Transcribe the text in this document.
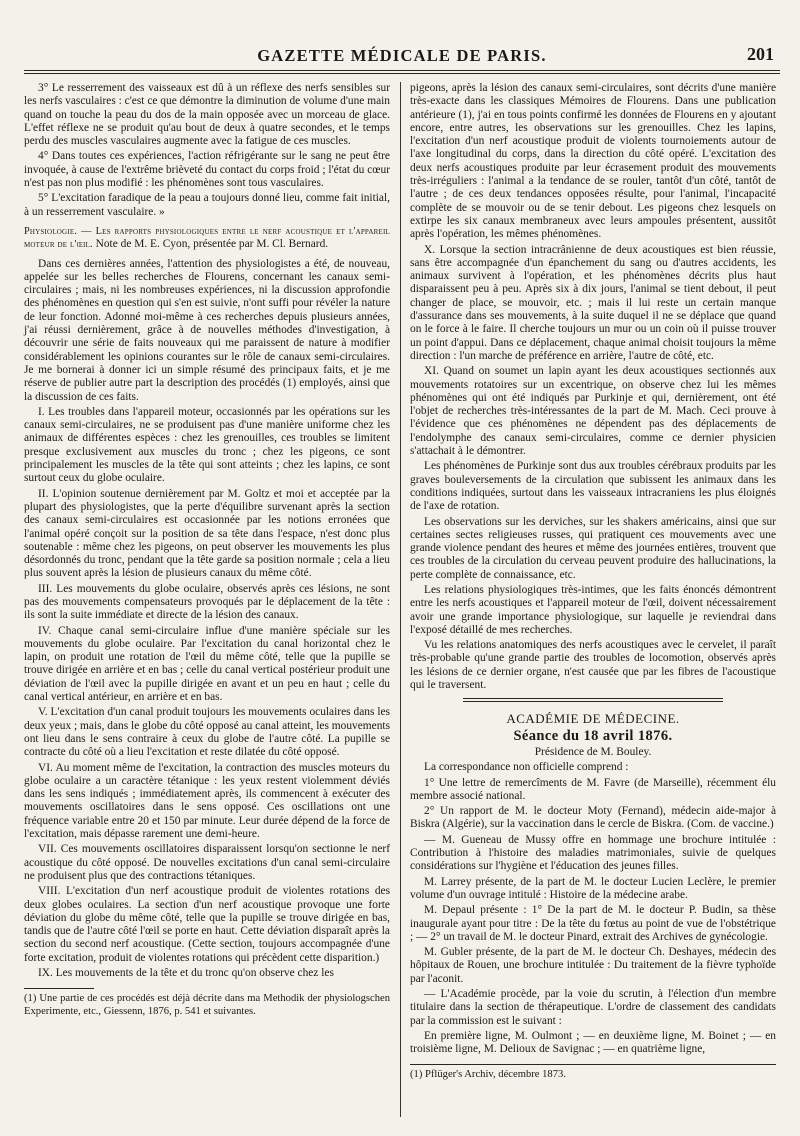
GAZETTE MÉDICALE DE PARIS.	201

3° Le resserrement des vaisseaux est dû à un réflexe des nerfs sensibles sur les nerfs vasculaires : c'est ce que démontre la diminution de volume d'une main quand on touche la peau du dos de la main opposée avec un morceau de glace. L'effet réflexe ne se produit qu'au bout de deux à quatre secondes, et le temps perdu des muscles vasculaires augmente avec la fatigue de ces muscles.

4° Dans toutes ces expériences, l'action réfrigérante sur le sang ne peut être invoquée, à cause de l'extrême brièveté du contact du corps froid ; l'état du cœur n'est pas non plus modifié : les phénomènes sont tous vasculaires.

5° L'excitation faradique de la peau a toujours donné lieu, comme fait initial, à un resserrement vasculaire. »

Physiologie. — Les rapports physiologiques entre le nerf acoustique et l'appareil moteur de l'œil. Note de M. E. Cyon, présentée par M. Cl. Bernard.

Dans ces dernières années, l'attention des physiologistes a été, de nouveau, appelée sur les belles recherches de Flourens, concernant les canaux semi-circulaires ; mais, ni les nombreuses expériences, ni la discussion approfondie des phénomènes en question qui s'en est suivie, n'ont suffi pour révéler la nature de leur fonction. Adonné moi-même à ces recherches depuis plusieurs années, j'ai réussi dernièrement, grâce à de nouvelles méthodes d'investigation, à découvrir une série de faits nouveaux qui me paraissent de nature à modifier considérablement les opinions courantes sur le rôle de canaux semi-circulaires. Je me bornerai à donner ici un simple résumé des principaux faits, et je me réserve de publier autre part la description des procédés (1) employés, ainsi que la discussion de ces faits.

I. Les troubles dans l'appareil moteur, occasionnés par les opérations sur les canaux semi-circulaires, ne se produisent pas d'une manière uniforme chez les animaux de différentes espèces : chez les grenouilles, ces troubles se limitent presque exclusivement aux muscles du tronc ; chez les pigeons, ce sont principalement les muscles de la tête qui sont atteints ; chez les lapins, ce sont surtout ceux du globe oculaire.

II. L'opinion soutenue dernièrement par M. Goltz et moi et acceptée par la plupart des physiologistes, que la perte d'équilibre survenant après la section des canaux semi-circulaires est occasionnée par les notions erronées que l'animal opéré conçoit sur la position de sa tête dans l'espace, n'est donc plus soutenable : même chez les pigeons, on peut observer les mouvements les plus désordonnés du tronc, pendant que la tête garde sa position normale ; cela a lieu plus souvent après la lésion de plusieurs canaux du même côté.

III. Les mouvements du globe oculaire, observés après ces lésions, ne sont pas des mouvements compensateurs provoqués par le déplacement de la tête : ils sont la suite immédiate et directe de la lésion des canaux.

IV. Chaque canal semi-circulaire influe d'une manière spéciale sur les mouvements du globe oculaire. Par l'excitation du canal horizontal chez le lapin, on produit une rotation de l'œil du même côté, telle que la pupille se trouve dirigée en arrière et en bas ; celle du canal vertical postérieur produit une déviation de l'œil avec la pupille dirigée en avant et un peu en haut ; celle du canal vertical antérieur, en arrière et en bas.

V. L'excitation d'un canal produit toujours les mouvements oculaires dans les deux yeux ; mais, dans le globe du côté opposé au canal atteint, les mouvements ont lieu dans le sens contraire à ceux du globe de l'autre côté. La pupille se contracte du côté où a lieu l'excitation et reste dilatée du côté opposé.

VI. Au moment même de l'excitation, la contraction des muscles moteurs du globe oculaire a un caractère tétanique : les yeux restent violemment déviés dans les sens indiqués ; immédiatement après, ils commencent à exécuter des mouvements oscillatoires dans le sens opposé. Ces oscillations ont une fréquence variable entre 20 et 150 par minute. Leur durée dépend de la force de l'excitation, mais dépasse rarement une demi-heure.

VII. Ces mouvements oscillatoires disparaissent lorsqu'on sectionne le nerf acoustique du côté opposé. De nouvelles excitations d'un canal semi-circulaire ne produisent plus que des contractions tétaniques.

VIII. L'excitation d'un nerf acoustique produit de violentes rotations des deux globes oculaires. La section d'un nerf acoustique provoque une forte déviation du globe du même côté, telle que la pupille se trouve dirigée en bas, tandis que de l'autre côté l'œil se porte en haut. Cette déviation disparaît après la section du second nerf acoustique. (Cette section, toujours accompagnée d'une forte excitation, produit de violentes rotations qui précèdent cette disparition.)

IX. Les mouvements de la tête et du tronc qu'on observe chez les

(1) Une partie de ces procédés est déjà décrite dans ma Methodik der physiologschen Experimente, etc., Giessenn, 1876, p. 541 et suivantes.

pigeons, après la lésion des canaux semi-circulaires, sont décrits d'une manière très-exacte dans les classiques Mémoires de Flourens. Dans une publication antérieure (1), j'ai en tous points confirmé les données de Flourens en y ajoutant encore, entre autres, les observations sur les grenouilles. Chez les lapins, l'excitation d'un nerf acoustique produit de violents tournoiements autour de l'axe longitudinal du corps, dans la direction du côté opéré. L'excitation des deux nerfs acoustiques produite par leur écrasement produit des mouvements très-irréguliers : l'animal a la tendance de se rouler, tantôt d'un côté, tantôt de l'autre ; de ces deux tendances opposées résulte, pour l'animal, l'incapacité complète de se mouvoir ou de se tenir debout. Les pigeons chez lesquels on extirpe les six canaux membraneux avec leurs ampoules présentent, aussitôt après l'opération, les mêmes phénomènes.

X. Lorsque la section intracrânienne de deux acoustiques est bien réussie, sans être accompagnée d'un épanchement du sang ou d'autres accidents, les animaux survivent à l'opération, et les phénomènes décrits plus haut disparaissent peu à peu. Après six à dix jours, l'animal se tient debout, il peut changer de place, se mouvoir, etc. ; mais il lui reste un certain manque d'assurance dans ses mouvements, à la suite duquel il ne se déplace que quand on le force à le faire. Il cherche toujours un mur ou un coin où il puisse trouver un point d'appui. Dans ce déplacement, chaque animal choisit toujours la même direction : l'un marche de préférence en arrière, l'autre de côté, etc.

XI. Quand on soumet un lapin ayant les deux acoustiques sectionnés aux mouvements rotatoires sur un excentrique, on observe chez lui les mêmes phénomènes qui ont été indiqués par Purkinje et qui, dernièrement, ont été l'objet de recherches très-intéressantes de la part de M. Mach. Ceci prouve à l'évidence que ces phénomènes ne dépendent pas des déplacements de l'endolymphe des canaux semi-circulaires, comme ce dernier physicien s'attachait à le démontrer.

Les phénomènes de Purkinje sont dus aux troubles cérébraux produits par les graves bouleversements de la circulation que subissent les animaux dans les conditions indiquées, surtout dans les vaisseaux intracraniens les plus éloignés de l'axe de rotation.

Les observations sur les derviches, sur les shakers américains, ainsi que sur certaines sectes religieuses russes, qui pratiquent ces mouvements avec une grande violence pendant des heures et même des journées entières, trouvent que ces troubles de la circulation du cerveau peuvent produire des hallucinations, la perte complète de connaissance, etc.

Les relations physiologiques très-intimes, que les faits énoncés démontrent entre les nerfs acoustiques et l'appareil moteur de l'œil, doivent nécessairement avoir une grande importance physiologique, sur laquelle je reviendrai dans l'exposé détaillé de mes recherches.

Vu les relations anatomiques des nerfs acoustiques avec le cervelet, il paraît très-probable qu'une grande partie des troubles de locomotion, observés après les lésions de ce dernier organe, n'est causée que par les fibres de l'acoustique qui le traversent.

ACADÉMIE DE MÉDECINE.
Séance du 18 avril 1876.

Présidence de M. Bouley.

La correspondance non officielle comprend :

1° Une lettre de remercîments de M. Favre (de Marseille), récemment élu membre associé national.

2° Un rapport de M. le docteur Moty (Fernand), médecin aide-major à Biskra (Algérie), sur la vaccination dans le cercle de Biskra. (Com. de vaccine.)

— M. Gueneau de Mussy offre en hommage une brochure intitulée : Contribution à l'histoire des maladies matrimoniales, suivie de quelques considérations sur l'hygiène et l'éducation des jeunes filles.

M. Larrey présente, de la part de M. le docteur Lucien Leclère, le premier volume d'un ouvrage intitulé : Histoire de la médecine arabe.

M. Depaul présente : 1° De la part de M. le docteur P. Budin, sa thèse inaugurale ayant pour titre : De la tête du fœtus au point de vue de l'obstétrique ; — 2° un travail de M. le docteur Pinard, extrait des Archives de gynécologie.

M. Gubler présente, de la part de M. le docteur Ch. Deshayes, médecin des hôpitaux de Rouen, une brochure intitulée : Du traitement de la fièvre typhoïde par l'aconit.

— L'Académie procède, par la voie du scrutin, à l'élection d'un membre titulaire dans la section de thérapeutique. L'ordre de classement des candidats par la commission est le suivant :

En première ligne, M. Oulmont ; — en deuxième ligne, M. Boinet ; — en troisième ligne, M. Delioux de Savignac ; — en quatrième ligne,

(1) Pflüger's Archiv, décembre 1873.
